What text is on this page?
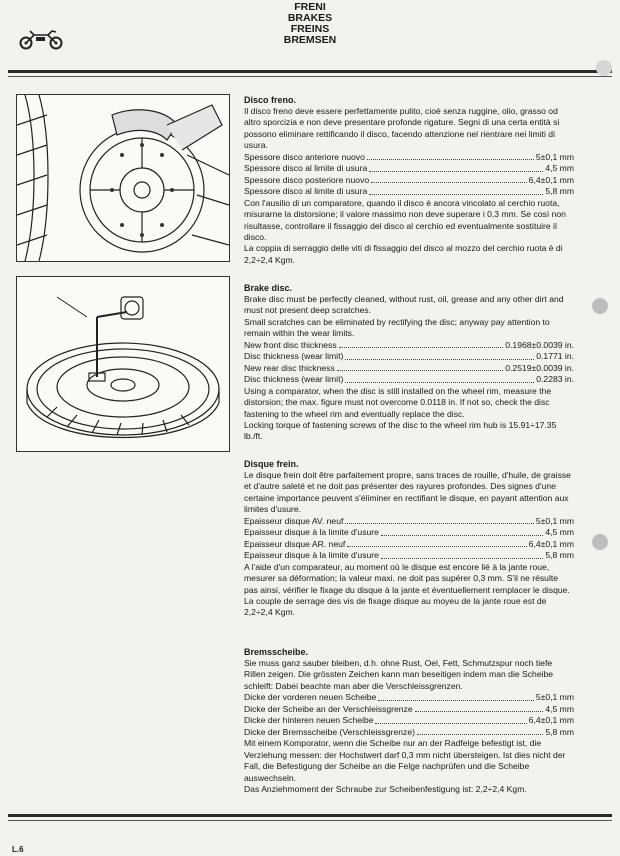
FRENI
BRAKES
FREINS
BREMSEN
Disco freno.

Il disco freno deve essere perfettamente pulito, cioè senza ruggine, olio, grasso od altro sporcizia e non deve presentare profonde rigature. Segni di una certa entità si possono eliminare rettificando il disco, facendo attenzione nel rientrare nei limiti di usura.

Spessore disco anteriore nuovo	5±0,1 mm
Spessore disco al limite di usura	4,5 mm
Spessore disco posteriore nuovo	6,4±0,1 mm
Spessore disco al limite di usura	5,8 mm

Con l'ausilio di un comparatore, quando il disco è ancora vincolato al cerchio ruota, misurarne la distorsione; il valore massimo non deve superare i 0,3 mm. Se così non risultasse, controllare il fissaggio del disco al cerchio ed eventualmente sostituire il disco.

La coppia di serraggio delle viti di fissaggio del disco al mozzo del cerchio ruota è di 2,2÷2,4 Kgm.

Brake disc.

Brake disc must be perfectly cleaned, without rust, oil, grease and any other dirt and must not present deep scratches.

Small scratches can be eliminated by rectifying the disc; anyway pay attention to remain within the wear limits.

New front disc thickness	0.1968±0.0039 in.
Disc thickness (wear limit)	0.1771 in.
New rear disc thickness	0.2519±0.0039 in.
Disc thickness (wear limit)	0.2283 in.

Using a comparator, when the disc is still installed on the wheel rim, measure the distorsion; the max. figure must not overcome 0.0118 in. If not so, check the disc fastening to the wheel rim and eventually replace the disc.

Locking torque of fastening screws of the disc to the wheel rim hub is 15.91÷17.35 lb./ft.

Disque frein.

Le disque frein doit être parfaitement propre, sans traces de rouille, d'huile, de graisse et d'autre saleté et ne doit pas présenter des rayures profondes. Des signes d'une certaine importance peuvent s'éliminer en rectifiant le disque, en payant attention aux limites d'usure.

Epaisseur disque AV. neuf	5±0,1 mm
Epaisseur disque à la limite d'usure	4,5 mm
Epaisseur disque AR. neuf	6,4±0,1 mm
Epaisseur disque à la limite d'usure	5,8 mm

A l'aide d'un comparateur, au moment où le disque est encore lié à la jante roue, mesurer sa déformation; la valeur maxi. ne doit pas supérer 0,3 mm. S'il ne résulte pas ainsi, vérifier le fixage du disque à la jante et éventuellement remplacer le disque.

La couple de serrage des vis de fixage disque au moyeu de la jante roue est de 2,2÷2,4 Kgm.

Bremsscheibe.

Sie muss ganz sauber bleiben, d.h. ohne Rust, Oel, Fett, Schmutzspur noch tiefe Rillen zeigen. Die grössten Zeichen kann man beseitigen indem man die Scheibe schleift: Dabei beachte man aber die Verschleissgrenzen.

Dicke der vorderen neuen Scheibe	5±0,1 mm
Dicke der Scheibe an der Verschleissgrenze	4,5 mm
Dicke der hinteren neuen Scheibe	6,4±0,1 mm
Dicke der Bremsscheibe (Verschleissgrenze)	5,8 mm

Mit einem Komporator, wenn die Scheibe nur an der Radfelge befestigt ist, die Verziehung messen: der Hochstwert darf 0,3 mm nicht übersteigen. Ist dies nicht der Fall, die Befestigung der Scheibe an die Felge nachprüfen und die Scheibe auswechseln.

Das Anziehmoment der Schraube zur Scheibenfestigung ist: 2,2÷2,4 Kgm.

L.6
